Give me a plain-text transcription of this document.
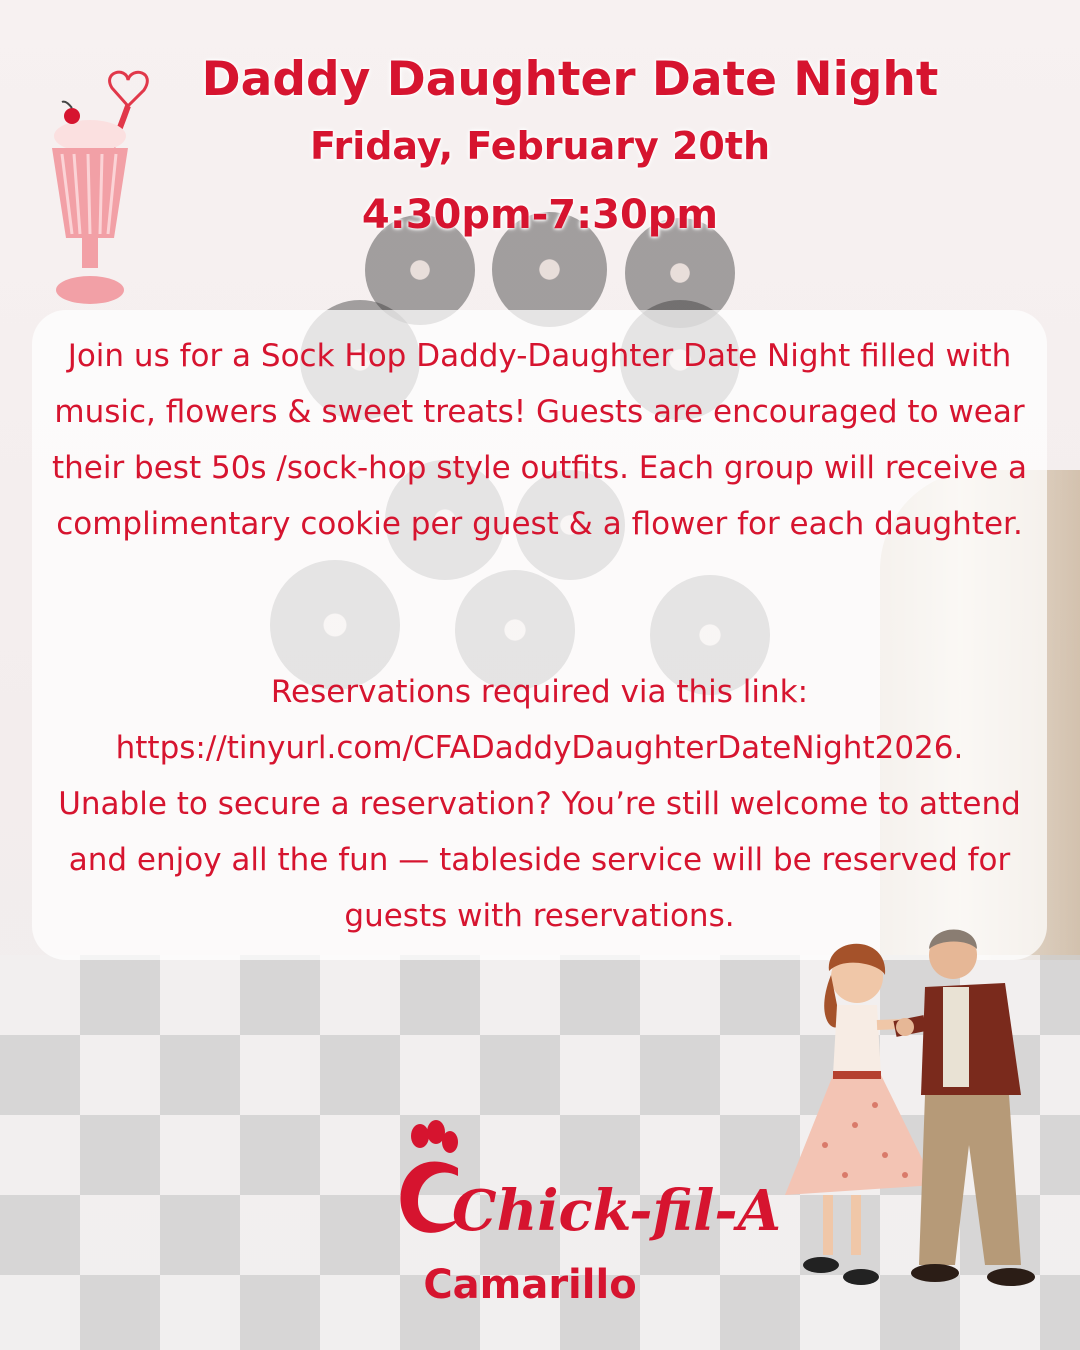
Daddy Daughter Date Night
Friday, February 20th
4:30pm-7:30pm

Join us for a Sock Hop Daddy-Daughter Date Night filled with music, flowers & sweet treats! Guests are encouraged to wear their best 50s /sock-hop style outfits. Each group will receive a complimentary cookie per guest & a flower for each daughter.

Reservations required via this link:

https://tinyurl.com/CFADaddyDaughterDateNight2026.

Unable to secure a reservation? You’re still welcome to attend and enjoy all the fun — tableside service will be reserved for guests with reservations.

Chick-fil-A
Camarillo
